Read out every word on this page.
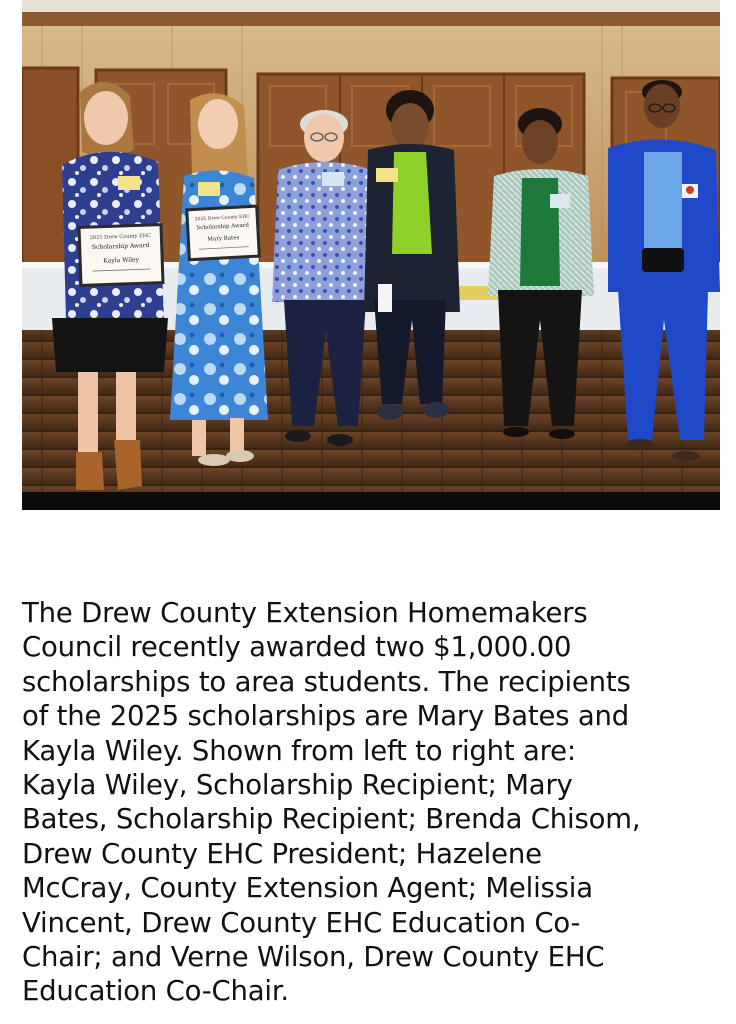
2025 Drew County EHC
Scholarship Award
Kayla Wiley
2025 Drew County EHC
Scholarship Award
Mary Bates

The Drew County Extension Homemakers
Council recently awarded two $1,000.00
scholarships to area students. The recipients
of the 2025 scholarships are Mary Bates and
Kayla Wiley. Shown from left to right are:
Kayla Wiley, Scholarship Recipient; Mary
Bates, Scholarship Recipient; Brenda Chisom,
Drew County EHC President; Hazelene
McCray, County Extension Agent; Melissia
Vincent, Drew County EHC Education Co-
Chair; and Verne Wilson, Drew County EHC
Education Co-Chair.
